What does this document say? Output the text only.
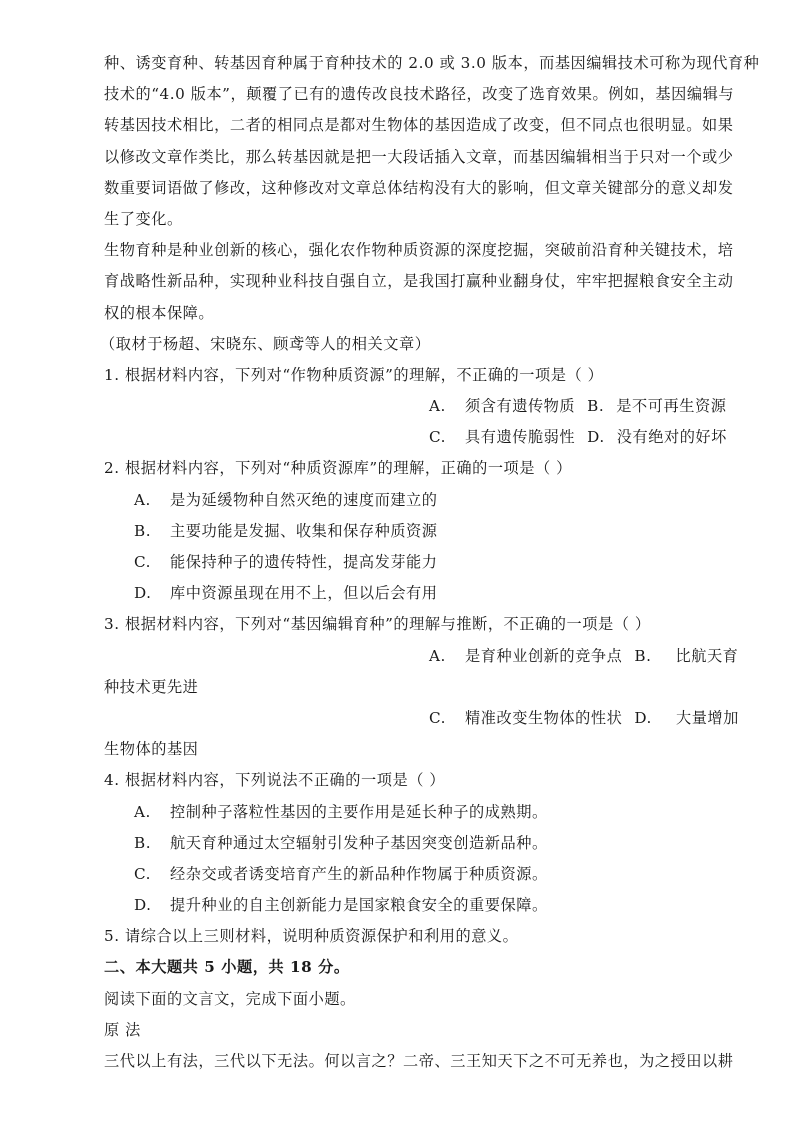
种、诱变育种、转基因育种属于育种技术的 2.0 或 3.0 版本，而基因编辑技术可称为现代育种
技术的“4.0 版本”，颠覆了已有的遗传改良技术路径，改变了选育效果。例如，基因编辑与
转基因技术相比，二者的相同点是都对生物体的基因造成了改变，但不同点也很明显。如果
以修改文章作类比，那么转基因就是把一大段话插入文章，而基因编辑相当于只对一个或少
数重要词语做了修改，这种修改对文章总体结构没有大的影响，但文章关键部分的意义却发
生了变化。
生物育种是种业创新的核心，强化农作物种质资源的深度挖掘，突破前沿育种关键技术，培
育战略性新品种，实现种业科技自强自立，是我国打赢种业翻身仗，牢牢把握粮食安全主动
权的根本保障。
（取材于杨超、宋晓东、顾鸢等人的相关文章）
1. 根据材料内容，下列对“作物种质资源”的理解，不正确的一项是（ ）
A. 须含有遗传物质 B. 是不可再生资源
C. 具有遗传脆弱性 D. 没有绝对的好坏
2. 根据材料内容，下列对“种质资源库”的理解，正确的一项是（ ）
A. 是为延缓物种自然灭绝的速度而建立的
B. 主要功能是发掘、收集和保存种质资源
C. 能保持种子的遗传特性，提高发芽能力
D. 库中资源虽现在用不上，但以后会有用
3. 根据材料内容，下列对“基因编辑育种”的理解与推断，不正确的一项是（ ）
A. 是育种业创新的竞争点 B. 比航天育
种技术更先进
C. 精准改变生物体的性状 D. 大量增加
生物体的基因
4. 根据材料内容，下列说法不正确的一项是（ ）
A. 控制种子落粒性基因的主要作用是延长种子的成熟期。
B. 航天育种通过太空辐射引发种子基因突变创造新品种。
C. 经杂交或者诱变培育产生的新品种作物属于种质资源。
D. 提升种业的自主创新能力是国家粮食安全的重要保障。
5. 请综合以上三则材料，说明种质资源保护和利用的意义。
二、本大题共 5 小题，共 18 分。
阅读下面的文言文，完成下面小题。
原 法
三代以上有法，三代以下无法。何以言之？二帝、三王知天下之不可无养也，为之授田以耕
